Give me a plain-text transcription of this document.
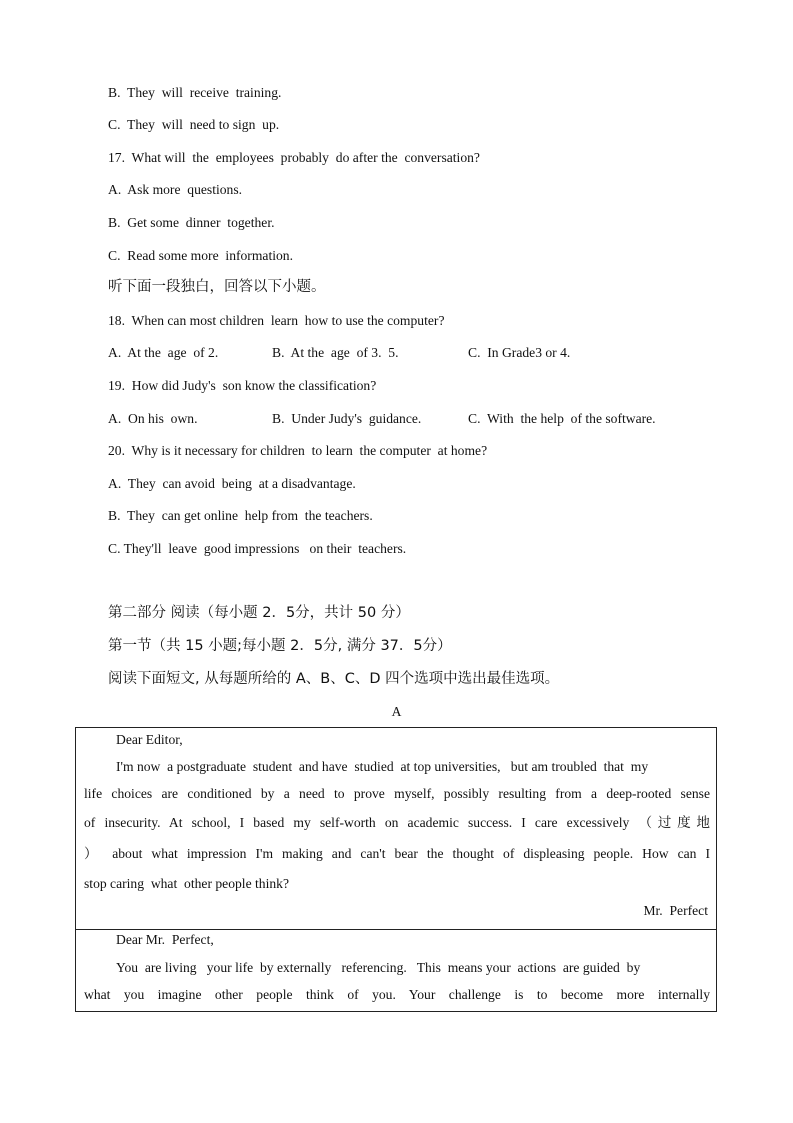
B.  They  will  receive  training.
C.  They  will  need to sign  up.
17.  What will  the  employees  probably  do after the  conversation?
A.  Ask more  questions.
B.  Get some  dinner  together.
C.  Read some more  information.
听下面一段独白，回答以下小题。
18.  When can most children  learn  how to use the computer?
A.  At the  age  of 2.	B.  At the  age  of 3.  5.	C.  In Grade3 or 4.
19.  How did Judy's  son know the classification?
A.  On his  own.	B.  Under Judy's  guidance.	C.  With  the help  of the software.
20.  Why is it necessary for children  to learn  the computer  at home?
A.  They  can avoid  being  at a disadvantage.
B.  They  can get online  help from  the teachers.
C. They'll  leave  good impressions   on their  teachers.
第二部分 阅读（每小题 2．5分，共计 50 分）
第一节（共 15 小题;每小题 2．5分, 满分 37．5分）
阅读下面短文, 从每题所给的 A、B、C、D 四个选项中选出最佳选项。
A
Dear Editor,
I'm now  a postgraduate  student  and have  studied  at top universities,   but am troubled  that  my
life choices are conditioned by a need to prove myself, possibly resulting from a deep-rooted sense
of insecurity. At school, I based my self-worth on academic success. I care excessively （过度地
） about what impression I'm making and can't bear the thought of displeasing people. How can I
stop caring  what  other people think?
Mr.  Perfect
Dear Mr.  Perfect,
You  are living   your life  by externally   referencing.   This  means your  actions  are guided  by
what you imagine other people think of you. Your challenge is to become more internally
